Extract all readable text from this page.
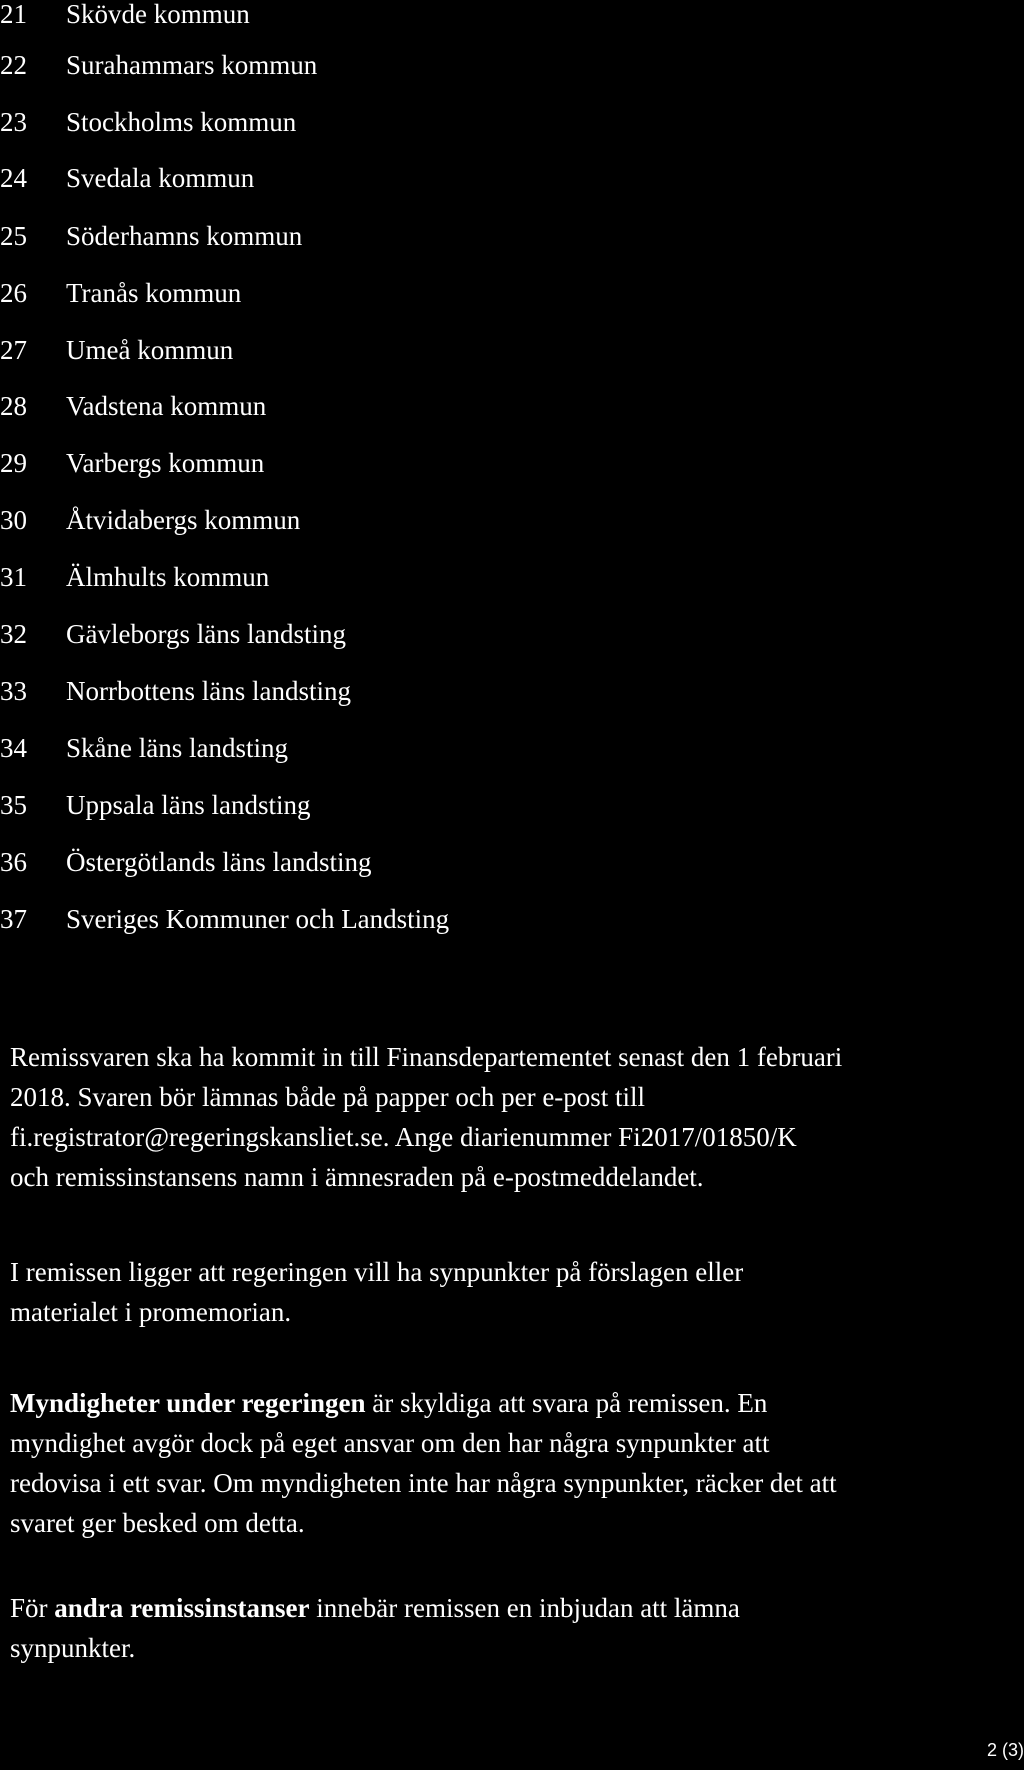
21	Skövde kommun
22	Surahammars kommun
23	Stockholms kommun
24	Svedala kommun
25	Söderhamns kommun
26	Tranås kommun
27	Umeå kommun
28	Vadstena kommun
29	Varbergs kommun
30	Åtvidabergs kommun
31	Älmhults kommun
32	Gävleborgs läns landsting
33	Norrbottens läns landsting
34	Skåne läns landsting
35	Uppsala läns landsting
36	Östergötlands läns landsting
37	Sveriges Kommuner och Landsting

Remissvaren ska ha kommit in till Finansdepartementet senast den 1 februari
2018. Svaren bör lämnas både på papper och per e-post till
fi.registrator@regeringskansliet.se. Ange diarienummer Fi2017/01850/K
och remissinstansens namn i ämnesraden på e-postmeddelandet.

I remissen ligger att regeringen vill ha synpunkter på förslagen eller
materialet i promemorian.

Myndigheter under regeringen är skyldiga att svara på remissen. En
myndighet avgör dock på eget ansvar om den har några synpunkter att
redovisa i ett svar. Om myndigheten inte har några synpunkter, räcker det att
svaret ger besked om detta.

För andra remissinstanser innebär remissen en inbjudan att lämna
synpunkter.

2 (3)
